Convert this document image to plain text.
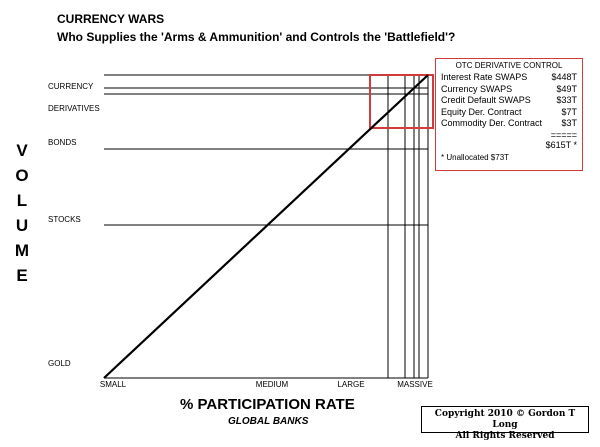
CURRENCY WARS
Who Supplies the 'Arms & Ammunition' and Controls the 'Battlefield'?
V
O
L
U
M
E
GOLD
STOCKS
BONDS
DERIVATIVES
CURRENCY
SMALL	MEDIUM	LARGE	MASSIVE
% PARTICIPATION RATE
GLOBAL BANKS
OTC DERIVATIVE CONTROL
Interest Rate SWAPS	$448T
Currency SWAPS	$49T
Credit Default SWAPS	$33T
Equity Der. Contract	$7T
Commodity Der. Contract $3T
=====
$615T *
* Unallocated $73T
Copyright 2010 © Gordon T Long
All Rights Reserved
